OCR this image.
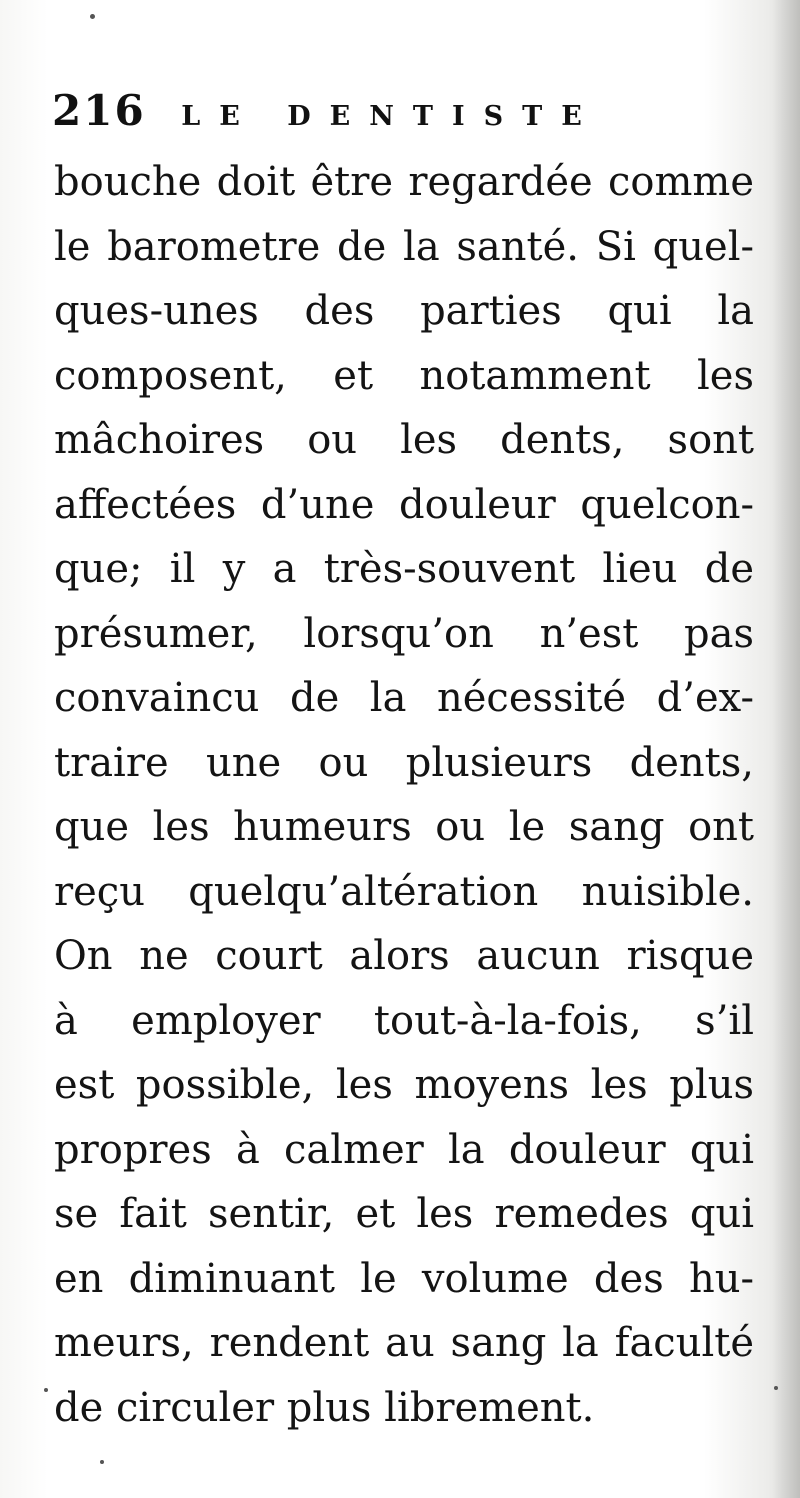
216 LE DENTISTE
bouche doit être regardée comme
le barometre de la santé. Si quel-
ques-unes des parties qui la
composent, et notamment les
mâchoires ou les dents, sont
affectées d’une douleur quelcon-
que; il y a très-souvent lieu de
présumer, lorsqu’on n’est pas
convaincu de la nécessité d’ex-
traire une ou plusieurs dents,
que les humeurs ou le sang ont
reçu quelqu’altération nuisible.
On ne court alors aucun risque
à employer tout-à-la-fois, s’il
est possible, les moyens les plus
propres à calmer la douleur qui
se fait sentir, et les remedes qui
en diminuant le volume des hu-
meurs, rendent au sang la faculté
de circuler plus librement.
